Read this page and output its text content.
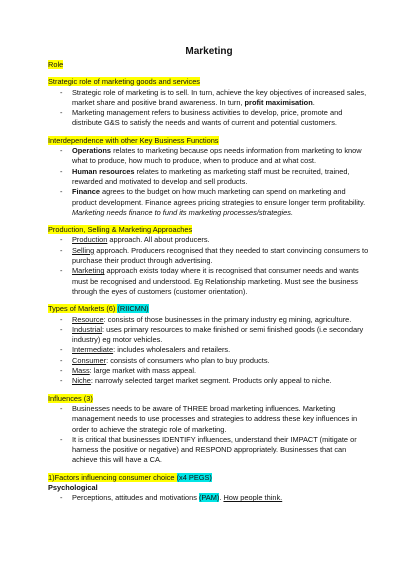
Marketing
Role
Strategic role of marketing goods and services
- Strategic role of marketing is to sell. In turn, achieve the key objectives of increased sales, market share and positive brand awareness. In turn, profit maximisation.
- Marketing management refers to business activities to develop, price, promote and distribute G&S to satisfy the needs and wants of current and potential customers.
Interdependence with other Key Business Functions
- Operations relates to marketing because ops needs information from marketing to know what to produce, how much to produce, when to produce and at what cost.
- Human resources relates to marketing as marketing staff must be recruited, trained, rewarded and motivated to develop and sell products.
- Finance agrees to the budget on how much marketing can spend on marketing and product development. Finance agrees pricing strategies to ensure longer term profitability. Marketing needs finance to fund its marketing processes/strategies.
Production, Selling & Marketing Approaches
- Production approach. All about producers.
- Selling approach. Producers recognised that they needed to start convincing consumers to purchase their product through advertising.
- Marketing approach exists today where it is recognised that consumer needs and wants must be recognised and understood. Eg Relationship marketing. Must see the business through the eyes of customers (customer orientation).
Types of Markets (6) (RIICMN)
- Resource: consists of those businesses in the primary industry eg mining, agriculture.
- Industrial: uses primary resources to make finished or semi finished goods (i.e secondary industry) eg motor vehicles.
- Intermediate: includes wholesalers and retailers.
- Consumer: consists of consumers who plan to buy products.
- Mass: large market with mass appeal.
- Niche: narrowly selected target market segment. Products only appeal to niche.
Influences (3)
- Businesses needs to be aware of THREE broad marketing influences. Marketing management needs to use processes and strategies to address these key influences in order to achieve the strategic role of marketing.
- It is critical that businesses IDENTIFY influences, understand their IMPACT (mitigate or harness the positive or negative) and RESPOND appropriately. Businesses that can achieve this will have a CA.
1)Factors influencing consumer choice (x4 PEGS)
Psychological
- Perceptions, attitudes and motivations (PAM). How people think.
